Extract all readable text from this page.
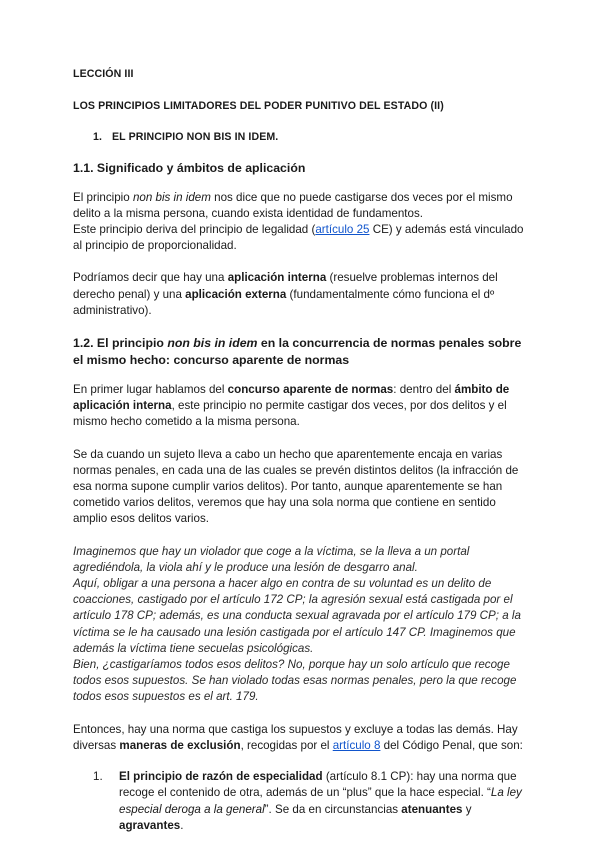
LECCIÓN III

LOS PRINCIPIOS LIMITADORES DEL PODER PUNITIVO DEL ESTADO (II)

1. EL PRINCIPIO NON BIS IN IDEM.

1.1. Significado y ámbitos de aplicación

El principio non bis in idem nos dice que no puede castigarse dos veces por el mismo delito a la misma persona, cuando exista identidad de fundamentos.

Este principio deriva del principio de legalidad (artículo 25 CE) y además está vinculado al principio de proporcionalidad.

Podríamos decir que hay una aplicación interna (resuelve problemas internos del derecho penal) y una aplicación externa (fundamentalmente cómo funciona el dº administrativo).

1.2. El principio non bis in idem en la concurrencia de normas penales sobre el mismo hecho: concurso aparente de normas

En primer lugar hablamos del concurso aparente de normas: dentro del ámbito de aplicación interna, este principio no permite castigar dos veces, por dos delitos y el mismo hecho cometido a la misma persona.

Se da cuando un sujeto lleva a cabo un hecho que aparentemente encaja en varias normas penales, en cada una de las cuales se prevén distintos delitos (la infracción de esa norma supone cumplir varios delitos). Por tanto, aunque aparentemente se han cometido varios delitos, veremos que hay una sola norma que contiene en sentido amplio esos delitos varios.

Imaginemos que hay un violador que coge a la víctima, se la lleva a un portal agrediéndola, la viola ahí y le produce una lesión de desgarro anal.

Aquí, obligar a una persona a hacer algo en contra de su voluntad es un delito de coacciones, castigado por el artículo 172 CP; la agresión sexual está castigada por el artículo 178 CP; además, es una conducta sexual agravada por el artículo 179 CP; a la víctima se le ha causado una lesión castigada por el artículo 147 CP. Imaginemos que además la víctima tiene secuelas psicológicas.

Bien, ¿castigaríamos todos esos delitos? No, porque hay un solo artículo que recoge todos esos supuestos. Se han violado todas esas normas penales, pero la que recoge todos esos supuestos es el art. 179.

Entonces, hay una norma que castiga los supuestos y excluye a todas las demás. Hay diversas maneras de exclusión, recogidas por el artículo 8 del Código Penal, que son:

1. El principio de razón de especialidad (artículo 8.1 CP): hay una norma que recoge el contenido de otra, además de un “plus” que la hace especial. “La ley especial deroga a la general”. Se da en circunstancias atenuantes y agravantes.
